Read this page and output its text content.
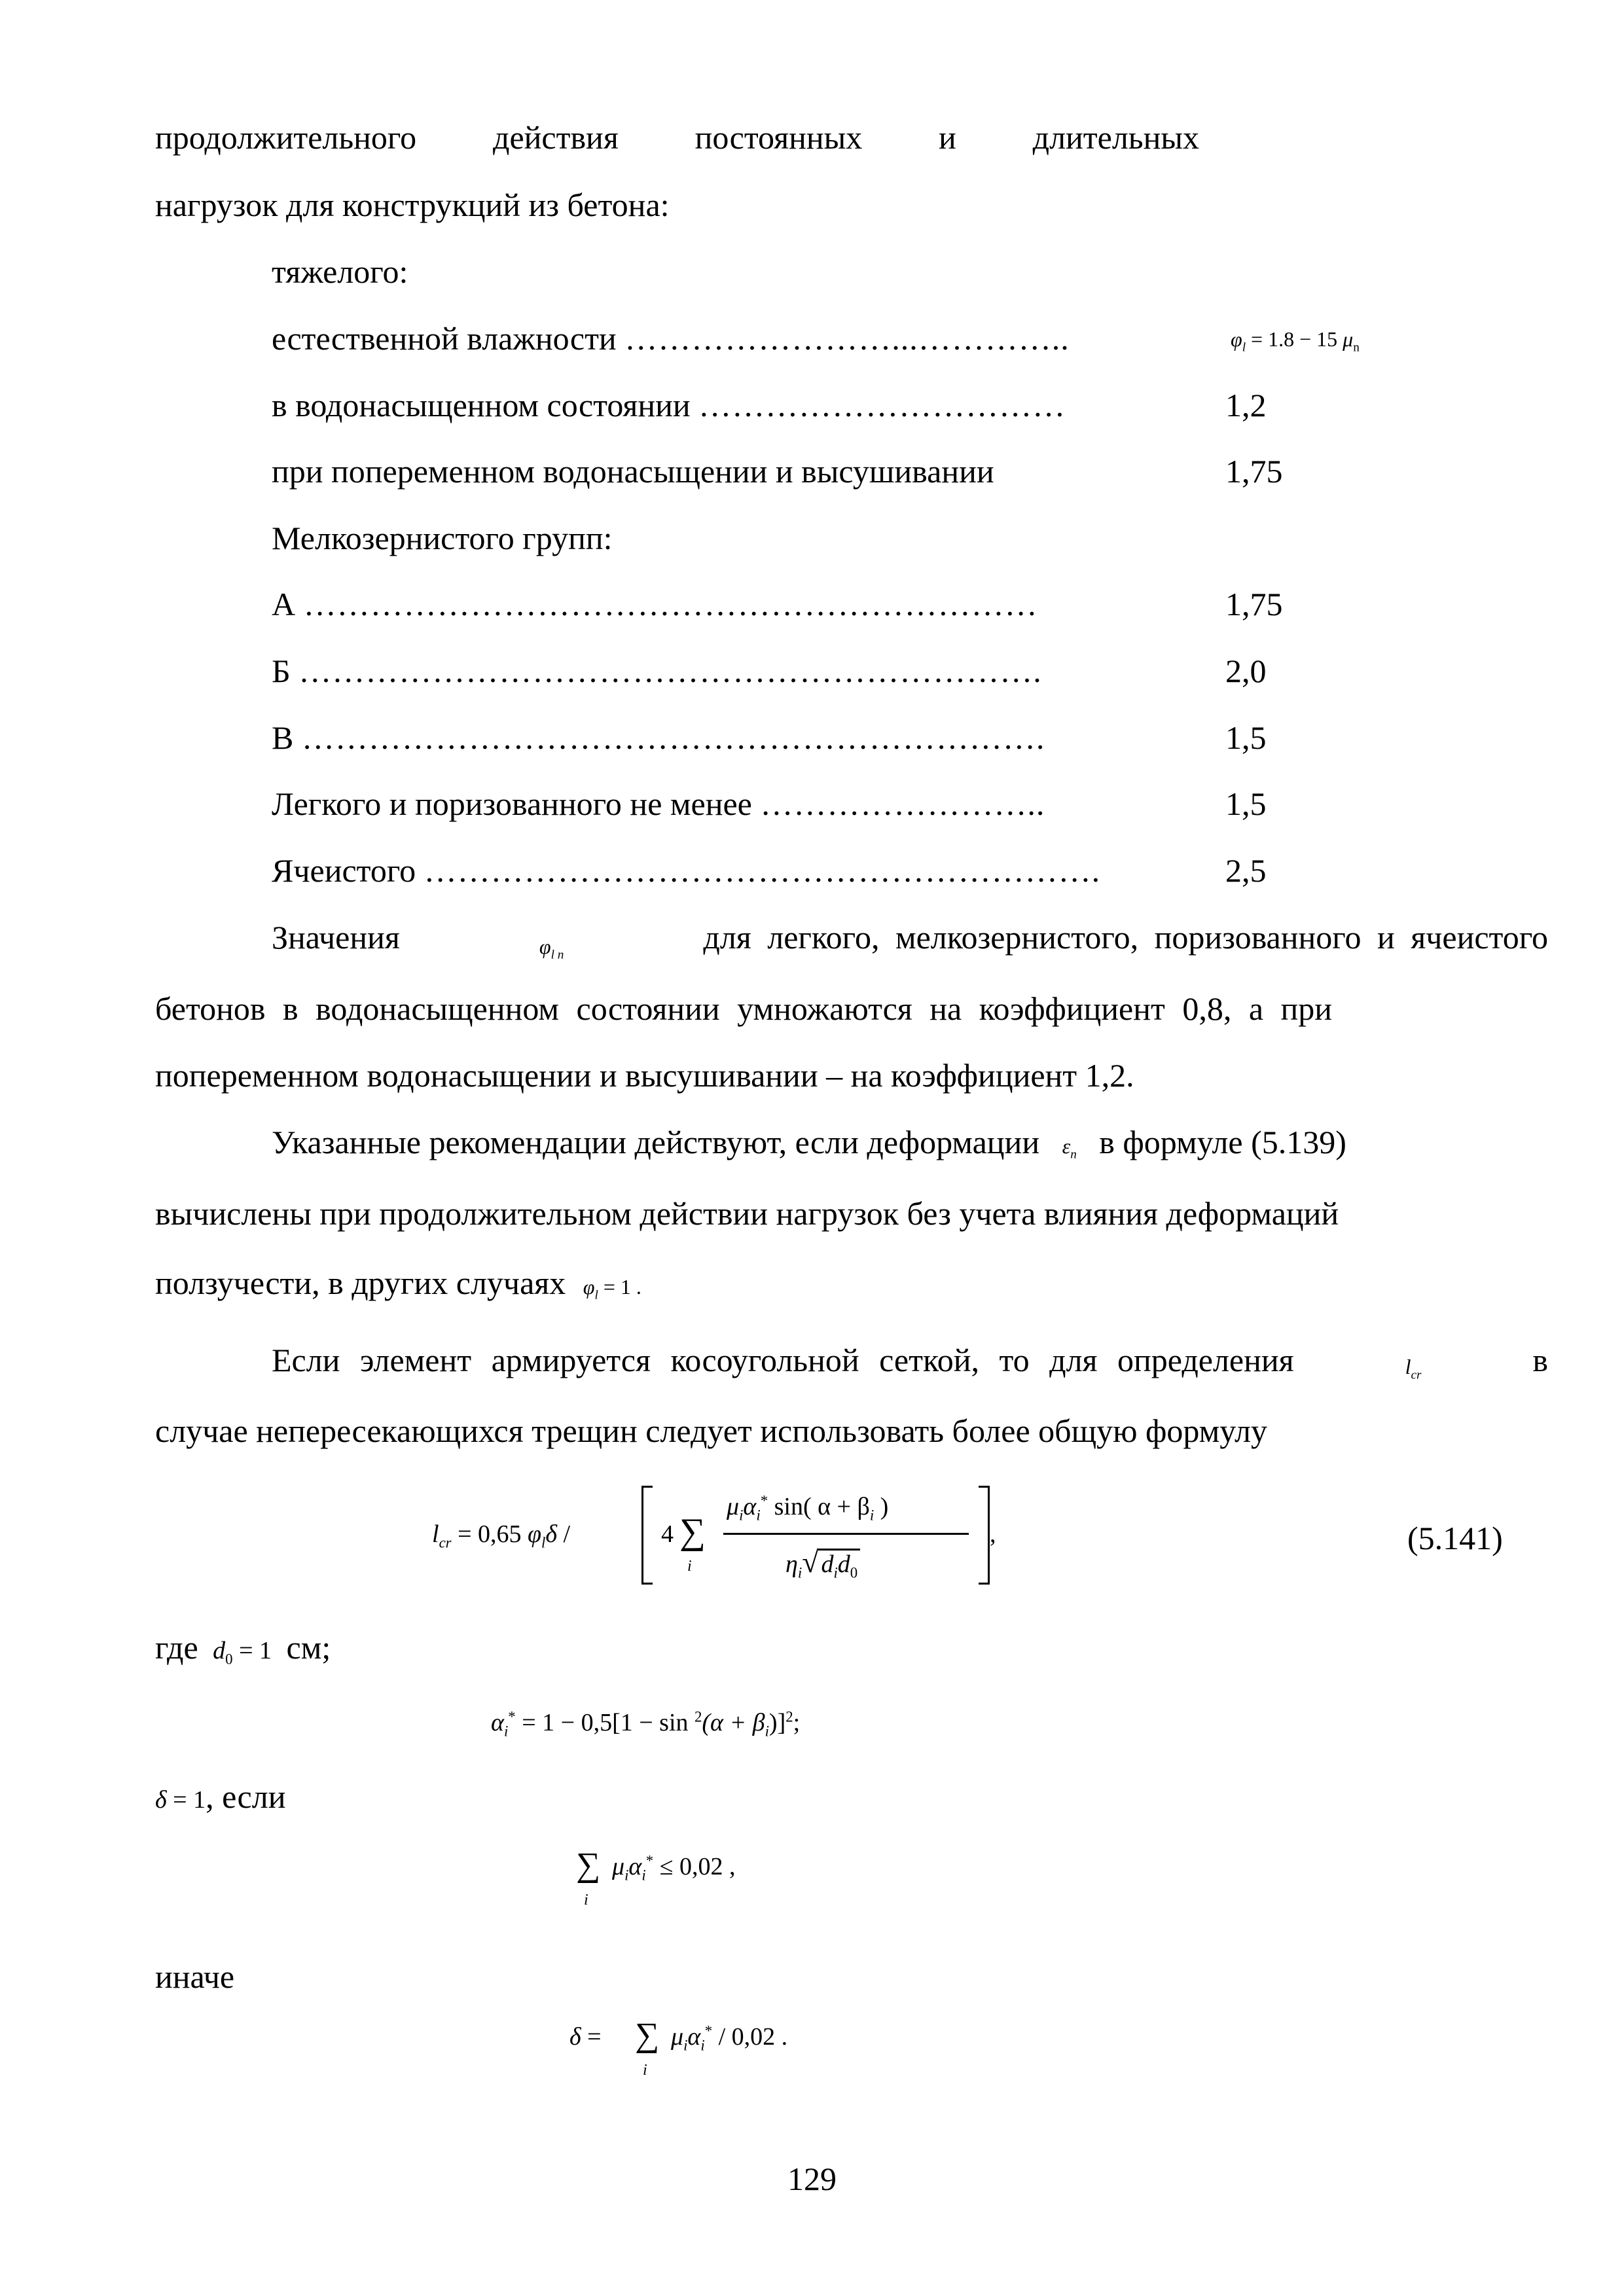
продолжительного действия постоянных и длительных
нагрузок для конструкций из бетона:
тяжелого:
естественной влажности ……………………...…………..	$\varphi_l = 1.8 - 15$ $\mu_n$
в водонасыщенном состоянии ……………………………	1,2
при попеременном водонасыщении и высушивании	1,75
Мелкозернистого групп:
А …………………………………………………………	1,75
Б ………………………………………………………….	2,0
В ………………………………………………………….	1,5
Легкого и поризованного не менее ……………………..	1,5
Ячеистого …………………………………………………….	2,5
Значения	$\varphi_{l n}$	для легкого, мелкозернистого, поризованного и ячеистого
бетонов в водонасыщенном состоянии умножаются на коэффициент 0,8, а при
попеременном водонасыщении и высушивании – на коэффициент 1,2.
Указанные рекомендации действуют, если деформации $\varepsilon_n$ в формуле (5.139)
вычислены при продолжительном действии нагрузок без учета влияния деформаций
ползучести, в других случаях $\varphi_l = 1$ .
Если элемент армируется косоугольной сеткой, то для определения	$l_{cr}$	в
случае непересекающихся трещин следует использовать более общую формулу
$l_{cr} = 0,65$ $\varphi_l\delta$ /	4 ∑
i
$\mu_i\alpha_i^*$ sin( $\alpha + \beta_i$ )
$\eta_i√$ $d_id_0$
,	(5.141)
где $d_0 = 1$ см;
$\alpha_i^* = 1 - 0,5[1 - \sin ^2(\alpha + \beta_i)]^2$;
δ = 1, если
∑
i
$\mu_i\alpha_i^* \le 0,02$ ,
иначе
δ = ∑
i
$\mu_i\alpha_i^* / 0,02$ .
129
